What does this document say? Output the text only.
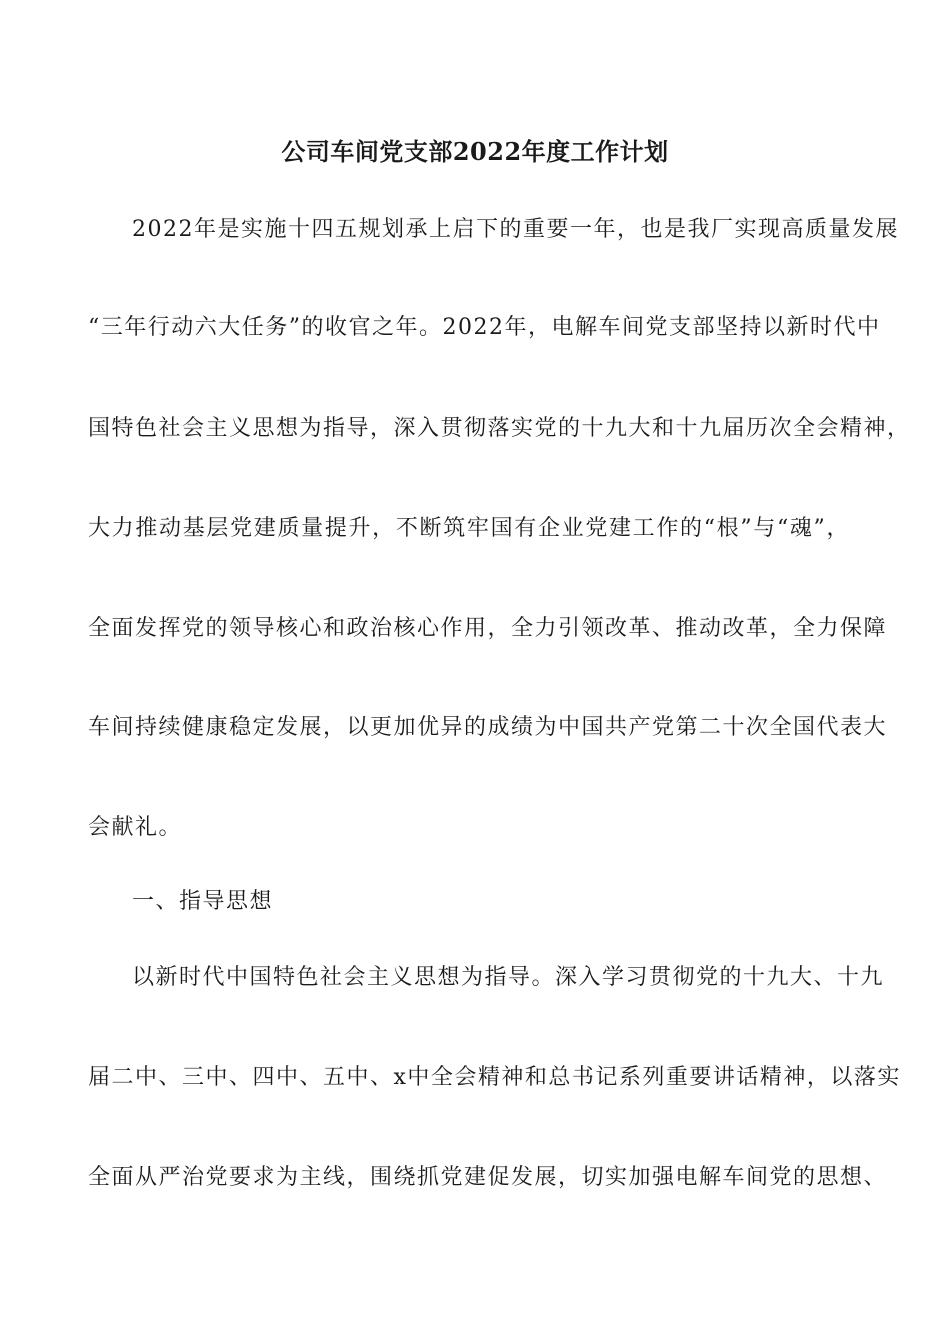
公司车间党支部2022年度工作计划
2022年是实施十四五规划承上启下的重要一年，也是我厂实现高质量发展
“三年行动六大任务”的收官之年。2022年，电解车间党支部坚持以新时代中
国特色社会主义思想为指导，深入贯彻落实党的十九大和十九届历次全会精神，
大力推动基层党建质量提升，不断筑牢国有企业党建工作的“根”与“魂”，
全面发挥党的领导核心和政治核心作用，全力引领改革、推动改革，全力保障
车间持续健康稳定发展，以更加优异的成绩为中国共产党第二十次全国代表大
会献礼。
一、指导思想
以新时代中国特色社会主义思想为指导。深入学习贯彻党的十九大、十九
届二中、三中、四中、五中、x中全会精神和总书记系列重要讲话精神，以落实
全面从严治党要求为主线，围绕抓党建促发展，切实加强电解车间党的思想、
